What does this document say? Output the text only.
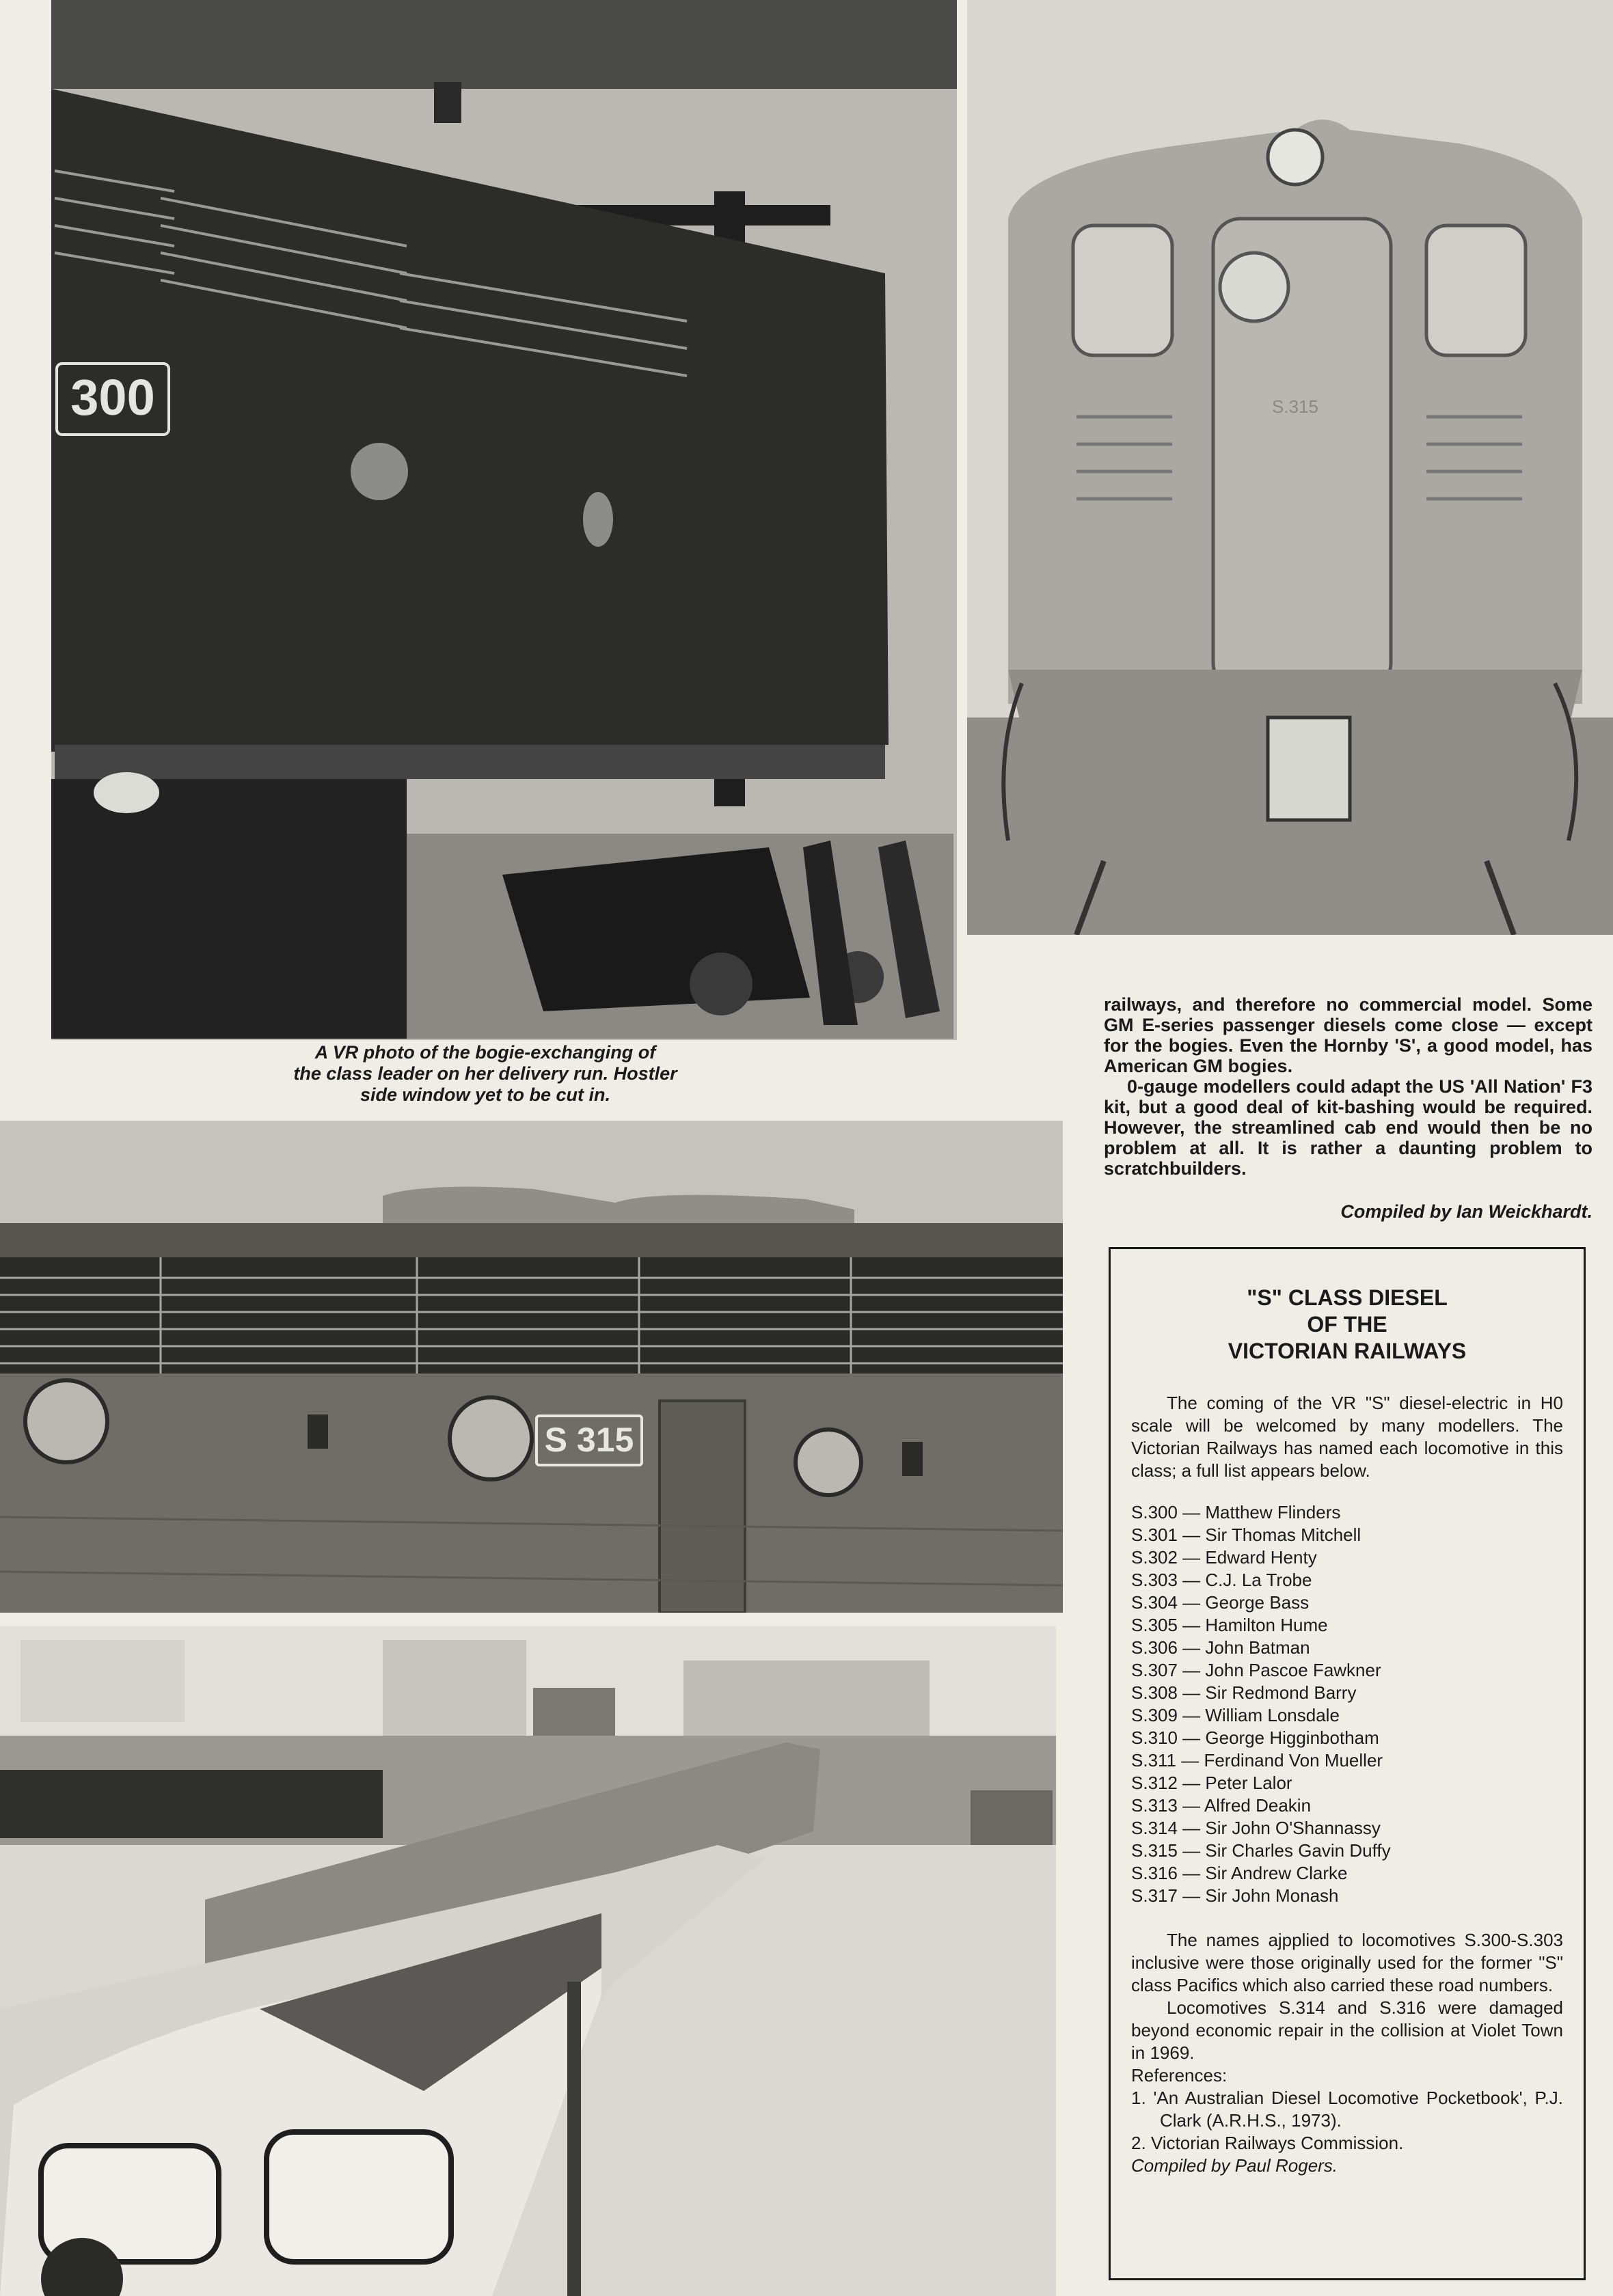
300	S.315
S 315
A VR photo of the bogie-exchanging of
the class leader on her delivery run. Hostler
side window yet to be cut in.

railways, and therefore no commercial model. Some GM E-series passenger diesels come close — except for the bogies. Even the Hornby 'S', a good model, has American GM bogies.

0-gauge modellers could adapt the US 'All Nation' F3 kit, but a good deal of kit-bashing would be required. However, the streamlined cab end would then be no problem at all. It is rather a daunting problem to scratchbuilders.

Compiled by Ian Weickhardt.
"S" CLASS DIESEL
OF THE
VICTORIAN RAILWAYS

The coming of the VR "S" diesel-electric in H0 scale will be welcomed by many modellers. The Victorian Railways has named each locomotive in this class; a full list appears below.

S.300 — Matthew Flinders
S.301 — Sir Thomas Mitchell
S.302 — Edward Henty
S.303 — C.J. La Trobe
S.304 — George Bass
S.305 — Hamilton Hume
S.306 — John Batman
S.307 — John Pascoe Fawkner
S.308 — Sir Redmond Barry
S.309 — William Lonsdale
S.310 — George Higginbotham
S.311 — Ferdinand Von Mueller
S.312 — Peter Lalor
S.313 — Alfred Deakin
S.314 — Sir John O'Shannassy
S.315 — Sir Charles Gavin Duffy
S.316 — Sir Andrew Clarke
S.317 — Sir John Monash

The names ajpplied to locomotives S.300-S.303 inclusive were those originally used for the former "S" class Pacifics which also carried these road numbers.

Locomotives S.314 and S.316 were damaged beyond economic repair in the collision at Violet Town in 1969.

References:

1. 'An Australian Diesel Locomotive Pocketbook', P.J. Clark (A.R.H.S., 1973).

2. Victorian Railways Commission.

Compiled by Paul Rogers.
